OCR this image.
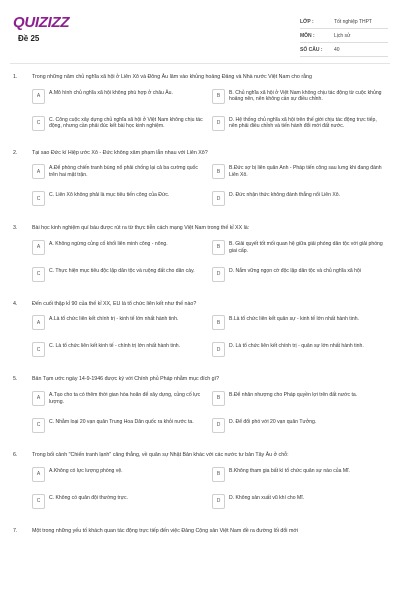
QUIZIZZ
Đề 25
LỚP :	Tốt nghiệp THPT
MÔN :	Lịch sử
SỐ CÂU :	40
1.	Trong những năm chủ nghĩa xã hội ở Liên Xô và Đông Âu lâm vào khủng hoảng Đảng và Nhà nước Việt Nam cho rằng
A
A.Mô hình chủ nghĩa xã hội không phù hợp ở châu Âu.
B
B. Chủ nghĩa xã hội ở Việt Nam không chịu tác động từ cuộc khủng hoảng nên, nên không cần sự điều chỉnh.
C
C. Công cuộc xây dựng chủ nghĩa xã hội ở Việt Nam không chịu tác động, nhưng cần phải đúc kết bài học kinh nghiệm.
D
D. Hệ thống chủ nghĩa xã hội trên thế giới chịu tác động trực tiếp, nên phải điều chỉnh và tiến hành đổi mới đất nước.
2.	Tại sao Đức kí Hiệp ước Xô - Đức không xâm phạm lẫn nhau với Liên Xô?
A
A.Để phòng chiến tranh bùng nổ phải chống lại cả ba cường quốc trên hai mặt trận.
B
B.Đức sợ bị liên quân Anh - Pháp tiến công sau lưng khi đang đánh Liên Xô.
C
C. Liên Xô không phải là mục tiêu tiến công của Đức.
D
D. Đức nhận thức không đánh thắng nổi Liên Xô.
3.	Bài học kinh nghiệm quí báu được rút ra từ thực tiễn cách mạng Việt Nam trong thế kỉ XX là:
A
A. Không ngừng củng cố khối liên minh công - nông.
B
B. Giải quyết tốt mối quan hệ giữa giải phóng dân tộc với giải phóng giai cấp.
C
C. Thực hiện mục tiêu độc lập dân tộc và ruộng đất cho dân cày.
D
D. Nắm vững ngọn cờ độc lập dân tộc và chủ nghĩa xã hội
4.	Đến cuối thập kỉ 90 của thế kỉ XX, EU là tổ chức liên kết như thế nào?
A
A.Là tổ chức liên kết chính trị - kinh tế lớn nhất hành tinh.
B
B.Là tổ chức liên kết quân sự - kinh tế lớn nhất hành tinh.
C
C. Là tổ chức liên kết kinh tế - chính trị lớn nhất hành tinh.
D
D. Là tổ chức liên kết chính trị - quân sự lớn nhất hành tinh.
5.	Bản Tạm ước ngày 14-9-1946 được ký với Chính phủ Pháp nhằm mục đích gì?
A
A.Tạo cho ta có thêm thời gian hòa hoãn để xây dựng, củng cố lực lượng.
B
B.Để nhân nhượng cho Pháp quyền lợi trên đất nước ta.
C
C. Nhằm loại 20 vạn quân Trung Hoa Dân quốc ra khỏi nước ta.
D
D. Để đổi phó với 20 vạn quân Tưởng.
6.	Trong bối cảnh "Chiến tranh lạnh" căng thẳng, về quân sự Nhật Bản khác với các nước tư bản Tây Âu ở chỗ:
A
A.Không có lực lượng phòng vệ.
B
B.Không tham gia bất kì tổ chức quân sự nào của Mĩ.
C
C. Không có quân đội thường trực.
D
D. Không sản xuất vũ khí cho Mĩ.
7.	Một trong những yếu tố khách quan tác động trực tiếp đến việc Đảng Cộng sản Việt Nam đề ra đường lối đổi mới
